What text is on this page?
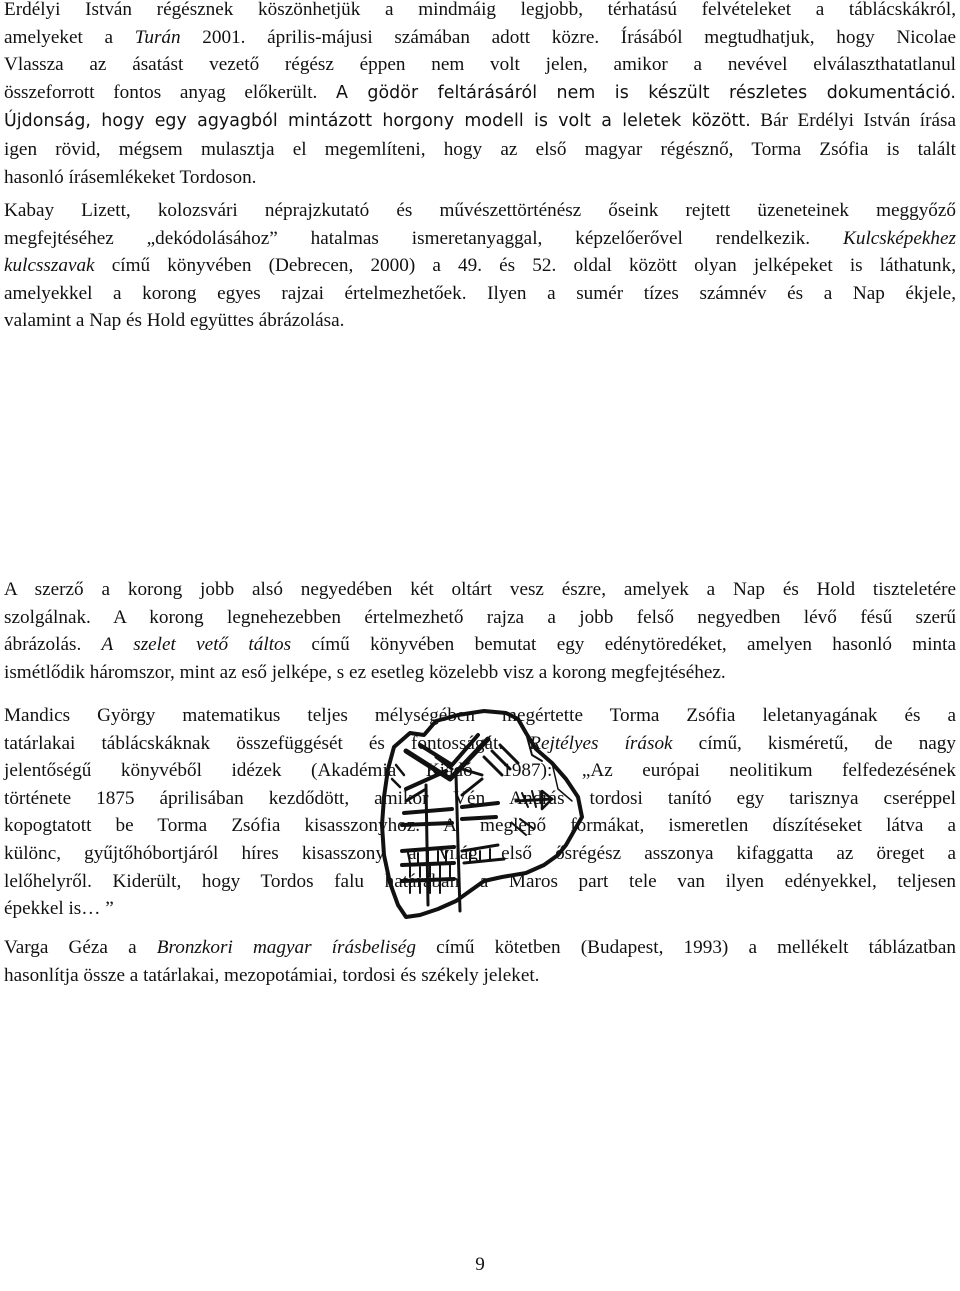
Erdélyi István régésznek köszönhetjük a mindmáig legjobb, térhatású felvételeket a táblácskákról,
amelyeket a Turán 2001. április-májusi számában adott közre. Írásából megtudhatjuk, hogy Nicolae
Vlassza az ásatást vezető régész éppen nem volt jelen, amikor a nevével elválaszthatatlanul
összeforrott fontos anyag előkerült. A gödör feltárásáról nem is készült részletes dokumentáció.
Újdonság, hogy egy agyagból mintázott horgony modell is volt a leletek között. Bár Erdélyi István írása
igen rövid, mégsem mulasztja el megemlíteni, hogy az első magyar régésznő, Torma Zsófia is talált
hasonló írásemlékeket Tordoson.

Kabay Lizett, kolozsvári néprajzkutató és művészettörténész őseink rejtett üzeneteinek meggyőző
megfejtéséhez „dekódolásához” hatalmas ismeretanyaggal, képzelőerővel rendelkezik. Kulcsképekhez
kulcsszavak című könyvében (Debrecen, 2000) a 49. és 52. oldal között olyan jelképeket is láthatunk,
amelyekkel a korong egyes rajzai értelmezhetőek. Ilyen a sumér tízes számnév és a Nap ékjele,
valamint a Nap és Hold együttes ábrázolása.

A szerző a korong jobb alsó negyedében két oltárt vesz észre, amelyek a Nap és Hold tiszteletére
szolgálnak. A korong legnehezebben értelmezhető rajza a jobb felső negyedben lévő fésű szerű
ábrázolás. A szelet vető táltos című könyvében bemutat egy edénytöredéket, amelyen hasonló minta
ismétlődik háromszor, mint az eső jelképe, s ez esetleg közelebb visz a korong megfejtéséhez.

Mandics György matematikus teljes mélységében megértette Torma Zsófia leletanyagának és a
tatárlakai táblácskáknak összefüggését és fontosságát. Rejtélyes írások című, kisméretű, de nagy
jelentőségű könyvéből idézek (Akadémia Kiadó 1987): „Az európai neolitikum felfedezésének
története 1875 áprilisában kezdődött, amikor Vén András tordosi tanító egy tarisznya cseréppel
kopogtatott be Torma Zsófia kisasszonyhoz. A meglepő formákat, ismeretlen díszítéseket látva a
különc, gyűjtőhóbortjáról híres kisasszony a világ első ősrégész asszonya kifaggatta az öreget a
lelőhelyről. Kiderült, hogy Tordos falu határában a Maros part tele van ilyen edényekkel, teljesen
épekkel is… ”

Varga Géza a Bronzkori magyar írásbeliség című kötetben (Budapest, 1993) a mellékelt táblázatban
hasonlítja össze a tatárlakai, mezopotámiai, tordosi és székely jeleket.

9
